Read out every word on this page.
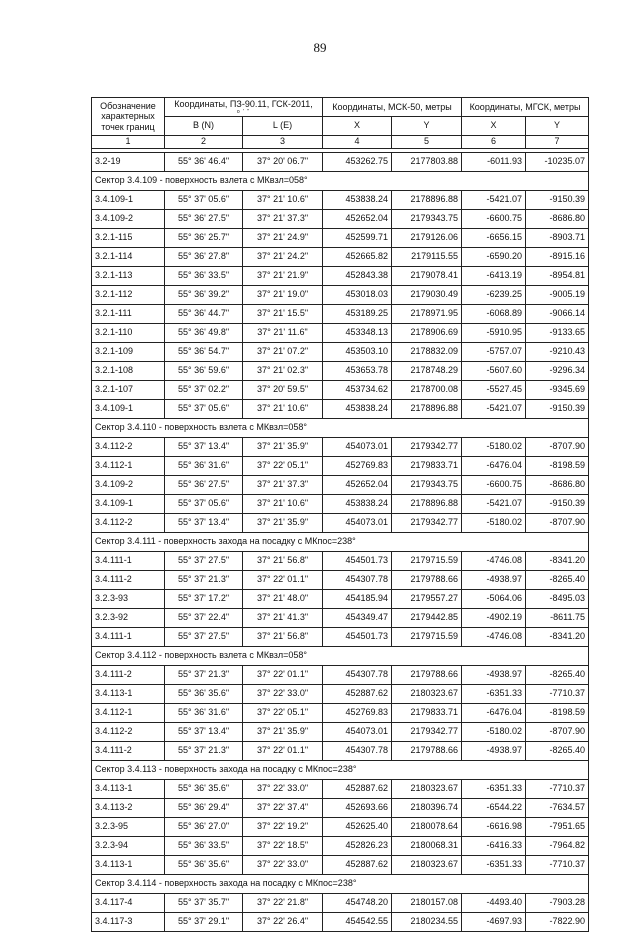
89
Обозначение
характерных
точек границ	Координаты, ПЗ-90.11, ГСК-2011,
о ' "		Координаты, МСК-50, метры		Координаты, МГСК, метры	
	B (N)	L (E)	X	Y	X	Y
1	2	3	4	5	6	7

3.2-19	55° 36' 46.4"	37° 20' 06.7"	453262.75	2177803.88	-6011.93	-10235.07
Сектор 3.4.109 - поверхность взлета с МКвзл=058°						
3.4.109-1	55° 37' 05.6"	37° 21' 10.6"	453838.24	2178896.88	-5421.07	-9150.39
3.4.109-2	55° 36' 27.5"	37° 21' 37.3"	452652.04	2179343.75	-6600.75	-8686.80
3.2.1-115	55° 36' 25.7"	37° 21' 24.9"	452599.71	2179126.06	-6656.15	-8903.71
3.2.1-114	55° 36' 27.8"	37° 21' 24.2"	452665.82	2179115.55	-6590.20	-8915.16
3.2.1-113	55° 36' 33.5"	37° 21' 21.9"	452843.38	2179078.41	-6413.19	-8954.81
3.2.1-112	55° 36' 39.2"	37° 21' 19.0"	453018.03	2179030.49	-6239.25	-9005.19
3.2.1-111	55° 36' 44.7"	37° 21' 15.5"	453189.25	2178971.95	-6068.89	-9066.14
3.2.1-110	55° 36' 49.8"	37° 21' 11.6"	453348.13	2178906.69	-5910.95	-9133.65
3.2.1-109	55° 36' 54.7"	37° 21' 07.2"	453503.10	2178832.09	-5757.07	-9210.43
3.2.1-108	55° 36' 59.6"	37° 21' 02.3"	453653.78	2178748.29	-5607.60	-9296.34
3.2.1-107	55° 37' 02.2"	37° 20' 59.5"	453734.62	2178700.08	-5527.45	-9345.69
3.4.109-1	55° 37' 05.6"	37° 21' 10.6"	453838.24	2178896.88	-5421.07	-9150.39
Сектор 3.4.110 - поверхность взлета с МКвзл=058°						
3.4.112-2	55° 37' 13.4"	37° 21' 35.9"	454073.01	2179342.77	-5180.02	-8707.90
3.4.112-1	55° 36' 31.6"	37° 22' 05.1"	452769.83	2179833.71	-6476.04	-8198.59
3.4.109-2	55° 36' 27.5"	37° 21' 37.3"	452652.04	2179343.75	-6600.75	-8686.80
3.4.109-1	55° 37' 05.6"	37° 21' 10.6"	453838.24	2178896.88	-5421.07	-9150.39
3.4.112-2	55° 37' 13.4"	37° 21' 35.9"	454073.01	2179342.77	-5180.02	-8707.90
Сектор 3.4.111 - поверхность захода на посадку с МКпос=238°						
3.4.111-1	55° 37' 27.5"	37° 21' 56.8"	454501.73	2179715.59	-4746.08	-8341.20
3.4.111-2	55° 37' 21.3"	37° 22' 01.1"	454307.78	2179788.66	-4938.97	-8265.40
3.2.3-93	55° 37' 17.2"	37° 21' 48.0"	454185.94	2179557.27	-5064.06	-8495.03
3.2.3-92	55° 37' 22.4"	37° 21' 41.3"	454349.47	2179442.85	-4902.19	-8611.75
3.4.111-1	55° 37' 27.5"	37° 21' 56.8"	454501.73	2179715.59	-4746.08	-8341.20
Сектор 3.4.112 - поверхность взлета с МКвзл=058°						
3.4.111-2	55° 37' 21.3"	37° 22' 01.1"	454307.78	2179788.66	-4938.97	-8265.40
3.4.113-1	55° 36' 35.6"	37° 22' 33.0"	452887.62	2180323.67	-6351.33	-7710.37
3.4.112-1	55° 36' 31.6"	37° 22' 05.1"	452769.83	2179833.71	-6476.04	-8198.59
3.4.112-2	55° 37' 13.4"	37° 21' 35.9"	454073.01	2179342.77	-5180.02	-8707.90
3.4.111-2	55° 37' 21.3"	37° 22' 01.1"	454307.78	2179788.66	-4938.97	-8265.40
Сектор 3.4.113 - поверхность захода на посадку с МКпос=238°						
3.4.113-1	55° 36' 35.6"	37° 22' 33.0"	452887.62	2180323.67	-6351.33	-7710.37
3.4.113-2	55° 36' 29.4"	37° 22' 37.4"	452693.66	2180396.74	-6544.22	-7634.57
3.2.3-95	55° 36' 27.0"	37° 22' 19.2"	452625.40	2180078.64	-6616.98	-7951.65
3.2.3-94	55° 36' 33.5"	37° 22' 18.5"	452826.23	2180068.31	-6416.33	-7964.82
3.4.113-1	55° 36' 35.6"	37° 22' 33.0"	452887.62	2180323.67	-6351.33	-7710.37
Сектор 3.4.114 - поверхность захода на посадку с МКпос=238°						
3.4.117-4	55° 37' 35.7"	37° 22' 21.8"	454748.20	2180157.08	-4493.40	-7903.28
3.4.117-3	55° 37' 29.1"	37° 22' 26.4"	454542.55	2180234.55	-4697.93	-7822.90
